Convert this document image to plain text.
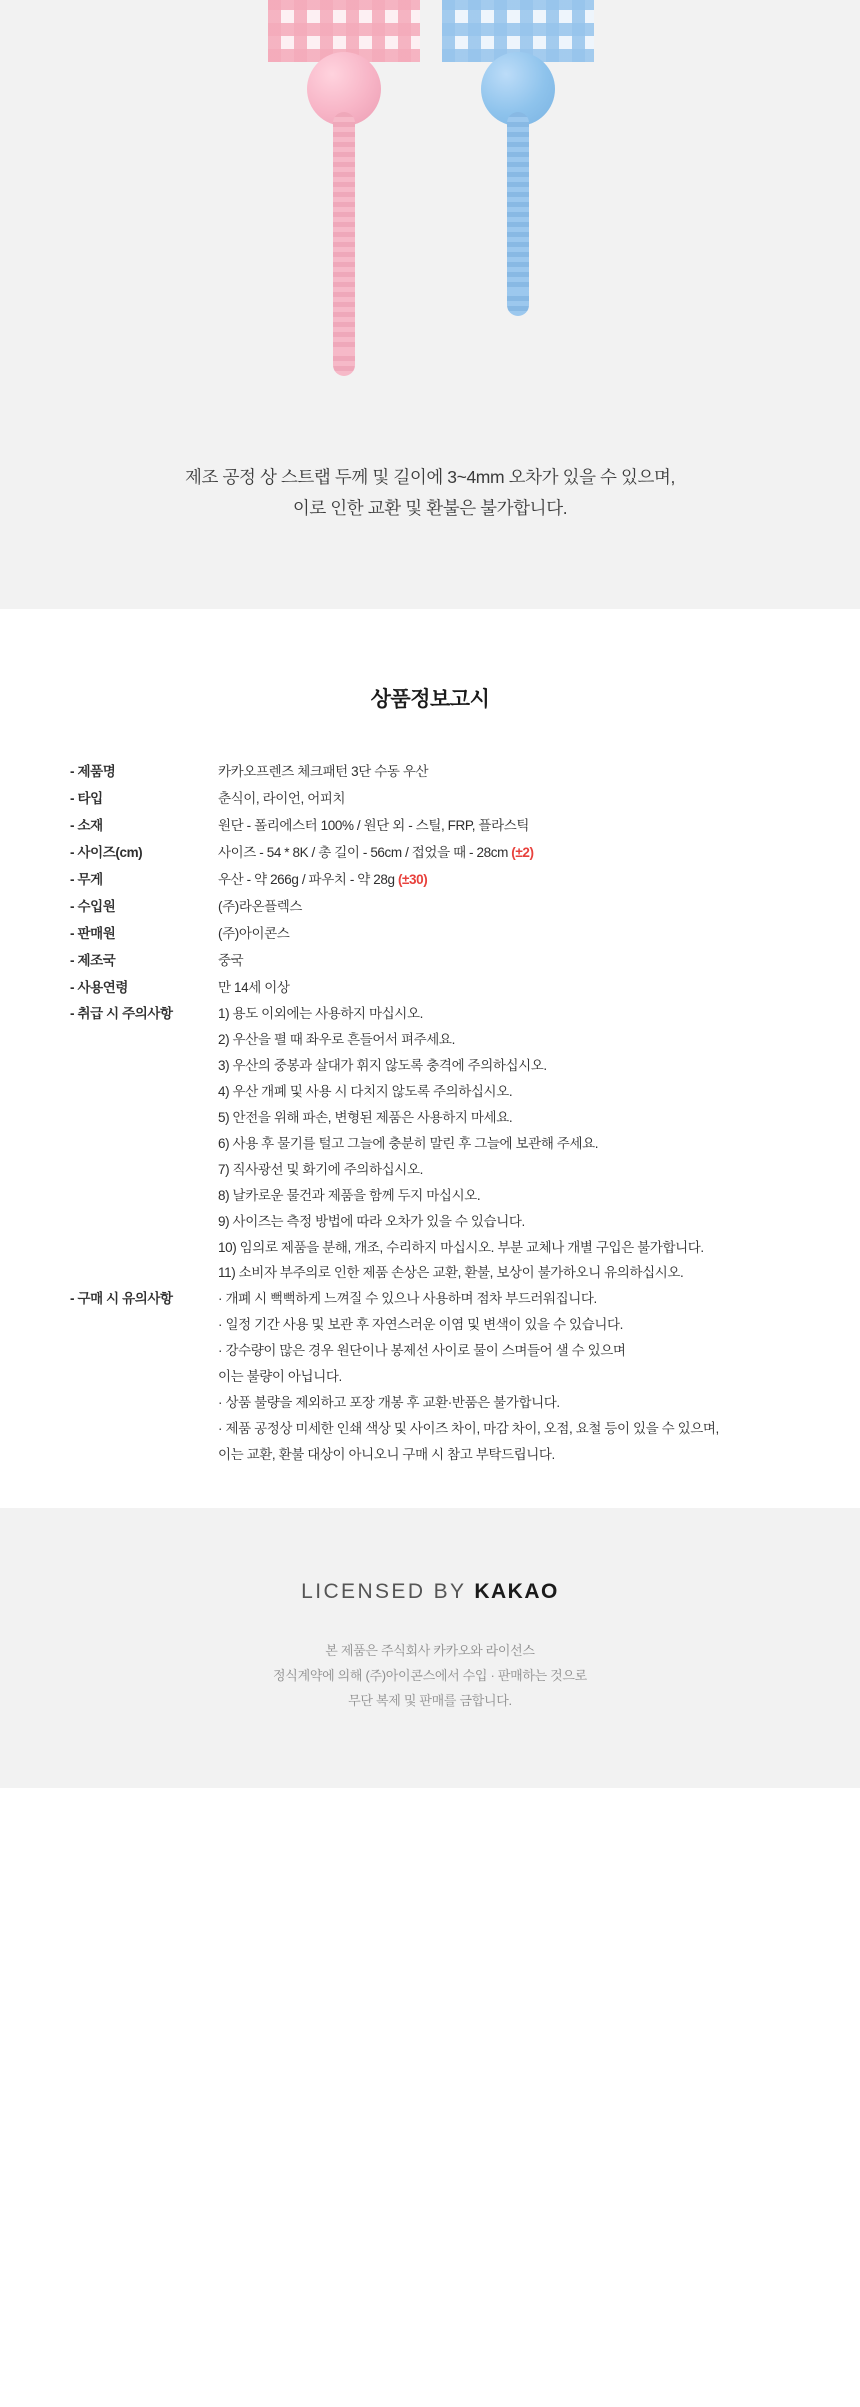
제조 공정 상 스트랩 두께 및 길이에 3~4mm 오차가 있을 수 있으며,

이로 인한 교환 및 환불은 불가합니다.

상품정보고시
- 제품명	카카오프렌즈 체크패턴 3단 수동 우산

- 타입	춘식이, 라이언, 어피치

- 소재	원단 - 폴리에스터 100% / 원단 외 - 스틸, FRP, 플라스틱

- 사이즈(cm)	사이즈 - 54 * 8K / 총 길이 - 56cm / 접었을 때 - 28cm (±2)

- 무게	우산 - 약 266g / 파우치 - 약 28g (±30)

- 수입원	(주)라온플렉스

- 판매원	(주)아이콘스

- 제조국	중국

- 사용연령	만 14세 이상

- 취급 시 주의사항	1) 용도 이외에는 사용하지 마십시오.
2) 우산을 펼 때 좌우로 흔들어서 펴주세요.
3) 우산의 중봉과 살대가 휘지 않도록 충격에 주의하십시오.
4) 우산 개폐 및 사용 시 다치지 않도록 주의하십시오.
5) 안전을 위해 파손, 변형된 제품은 사용하지 마세요.
6) 사용 후 물기를 털고 그늘에 충분히 말린 후 그늘에 보관해 주세요.
7) 직사광선 및 화기에 주의하십시오.
8) 날카로운 물건과 제품을 함께 두지 마십시오.
9) 사이즈는 측정 방법에 따라 오차가 있을 수 있습니다.
10) 임의로 제품을 분해, 개조, 수리하지 마십시오. 부분 교체나 개별 구입은 불가합니다.
11) 소비자 부주의로 인한 제품 손상은 교환, 환불, 보상이 불가하오니 유의하십시오.

- 구매 시 유의사항	· 개폐 시 뻑뻑하게 느껴질 수 있으나 사용하며 점차 부드러워집니다.
· 일정 기간 사용 및 보관 후 자연스러운 이염 및 변색이 있을 수 있습니다.
· 강수량이 많은 경우 원단이나 봉제선 사이로 물이 스며들어 샐 수 있으며
이는 불량이 아닙니다.
· 상품 불량을 제외하고 포장 개봉 후 교환·반품은 불가합니다.
· 제품 공정상 미세한 인쇄 색상 및 사이즈 차이, 마감 차이, 오점, 요철 등이 있을 수 있으며,
이는 교환, 환불 대상이 아니오니 구매 시 참고 부탁드립니다.
LICENSED BY KAKAO
본 제품은 주식회사 카카오와 라이선스
정식계약에 의해 (주)아이콘스에서 수입 · 판매하는 것으로
무단 복제 및 판매를 금합니다.
